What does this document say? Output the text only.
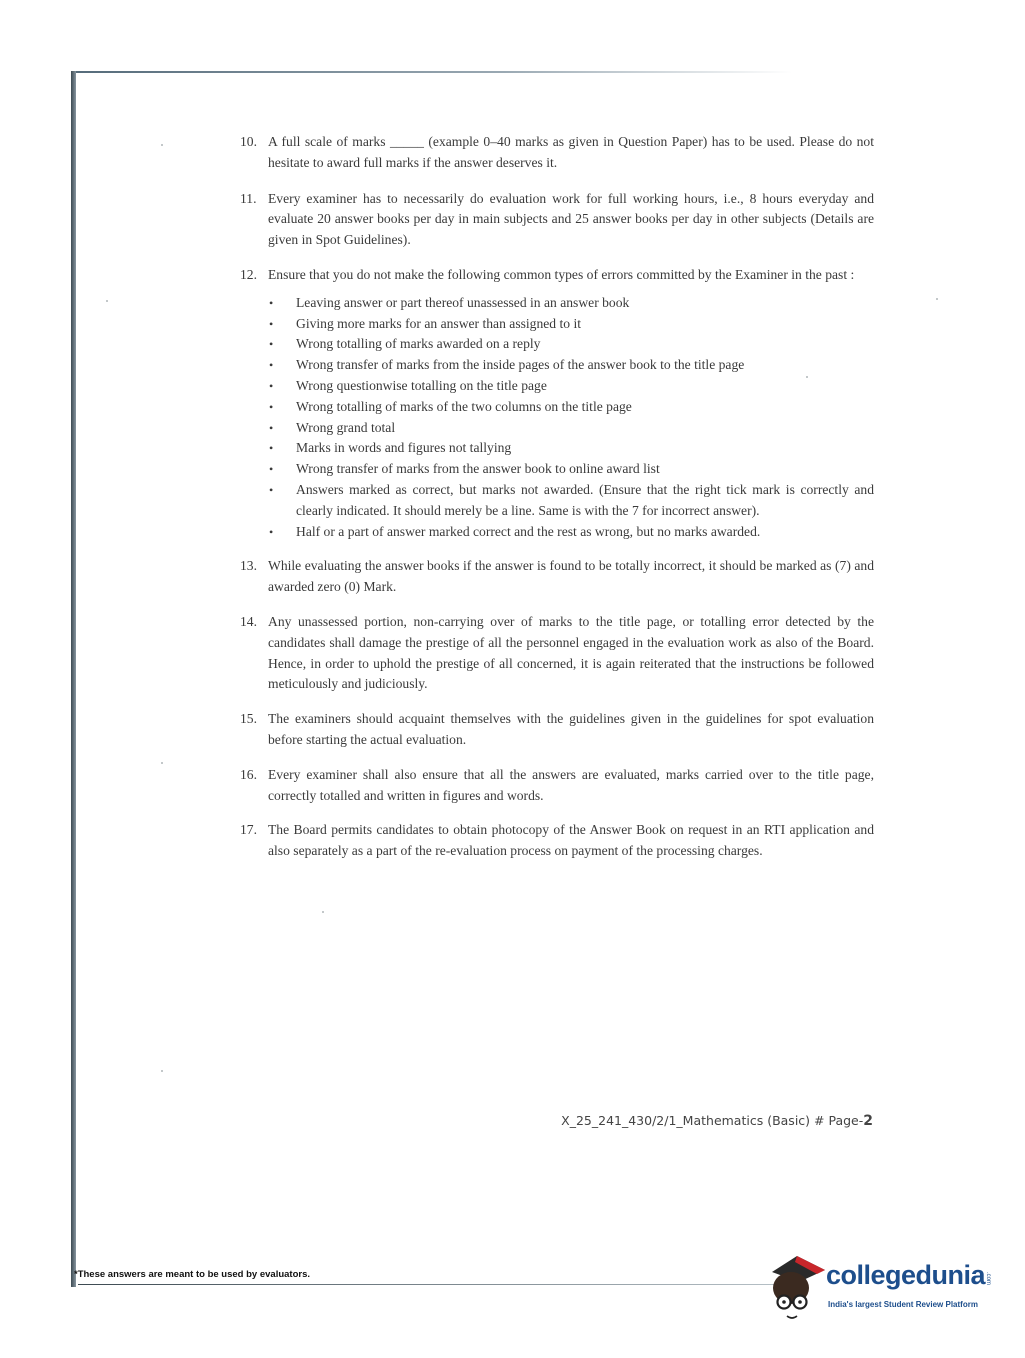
10. A full scale of marks _____ (example 0–40 marks as given in Question Paper) has to be used. Please do not hesitate to award full marks if the answer deserves it.
11. Every examiner has to necessarily do evaluation work for full working hours, i.e., 8 hours everyday and evaluate 20 answer books per day in main subjects and 25 answer books per day in other subjects (Details are given in Spot Guidelines).
12. Ensure that you do not make the following common types of errors committed by the Examiner in the past :
• Leaving answer or part thereof unassessed in an answer book
• Giving more marks for an answer than assigned to it
• Wrong totalling of marks awarded on a reply
• Wrong transfer of marks from the inside pages of the answer book to the title page
• Wrong questionwise totalling on the title page
• Wrong totalling of marks of the two columns on the title page
• Wrong grand total
• Marks in words and figures not tallying
• Wrong transfer of marks from the answer book to online award list
• Answers marked as correct, but marks not awarded. (Ensure that the right tick mark is correctly and clearly indicated. It should merely be a line. Same is with the 7 for incorrect answer).
• Half or a part of answer marked correct and the rest as wrong, but no marks awarded.
13. While evaluating the answer books if the answer is found to be totally incorrect, it should be marked as (7) and awarded zero (0) Mark.
14. Any unassessed portion, non-carrying over of marks to the title page, or totalling error detected by the candidates shall damage the prestige of all the personnel engaged in the evaluation work as also of the Board. Hence, in order to uphold the prestige of all concerned, it is again reiterated that the instructions be followed meticulously and judiciously.
15. The examiners should acquaint themselves with the guidelines given in the guidelines for spot evaluation before starting the actual evaluation.
16. Every examiner shall also ensure that all the answers are evaluated, marks carried over to the title page, correctly totalled and written in figures and words.
17. The Board permits candidates to obtain photocopy of the Answer Book on request in an RTI application and also separately as a part of the re-evaluation process on payment of the processing charges.
X_25_241_430/2/1_Mathematics (Basic) # Page-2
*These answers are meant to be used by evaluators.	collegedunia .com
India's largest Student Review Platform
